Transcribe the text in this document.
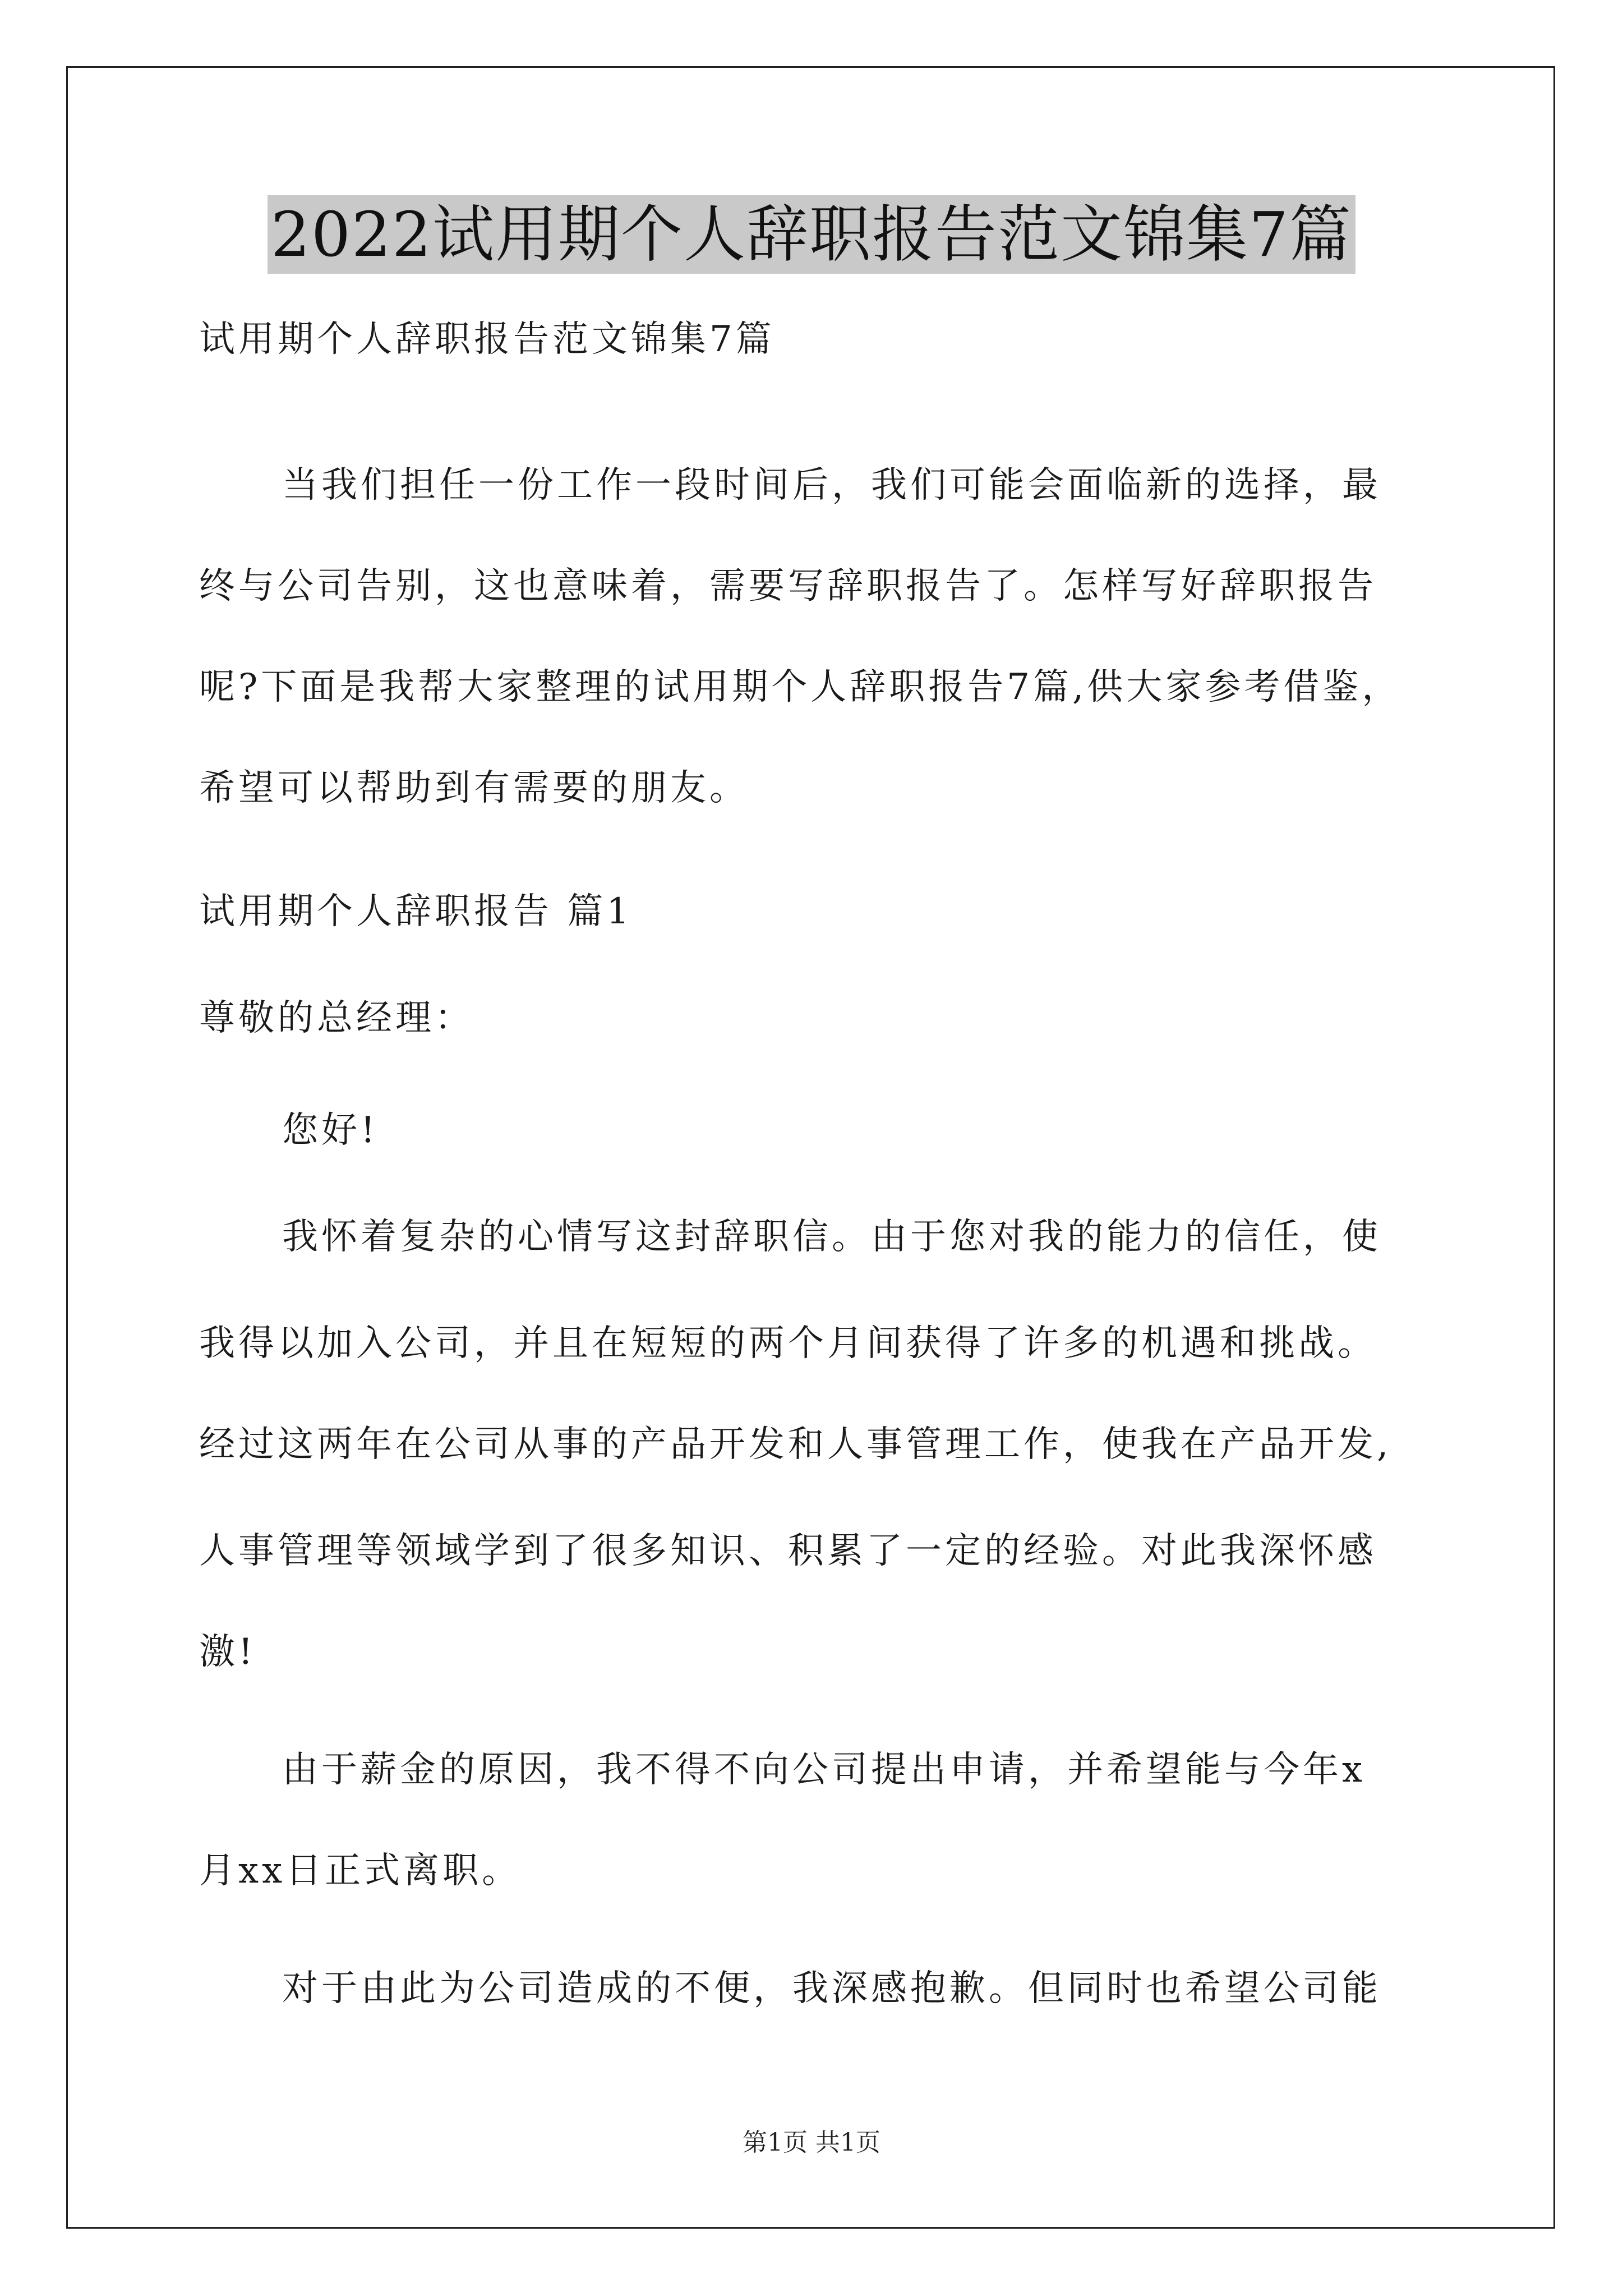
2022试用期个人辞职报告范文锦集7篇
试用期个人辞职报告范文锦集7篇
当我们担任一份工作一段时间后，我们可能会面临新的选择，最
终与公司告别，这也意味着，需要写辞职报告了。怎样写好辞职报告
呢?下面是我帮大家整理的试用期个人辞职报告7篇,供大家参考借鉴，
希望可以帮助到有需要的朋友。
试用期个人辞职报告 篇1
尊敬的总经理：
您好!
我怀着复杂的心情写这封辞职信。由于您对我的能力的信任，使
我得以加入公司，并且在短短的两个月间获得了许多的机遇和挑战。
经过这两年在公司从事的产品开发和人事管理工作，使我在产品开发,
人事管理等领域学到了很多知识、积累了一定的经验。对此我深怀感
激!
由于薪金的原因，我不得不向公司提出申请，并希望能与今年x
月xx日正式离职。
对于由此为公司造成的不便，我深感抱歉。但同时也希望公司能
第1页 共1页
